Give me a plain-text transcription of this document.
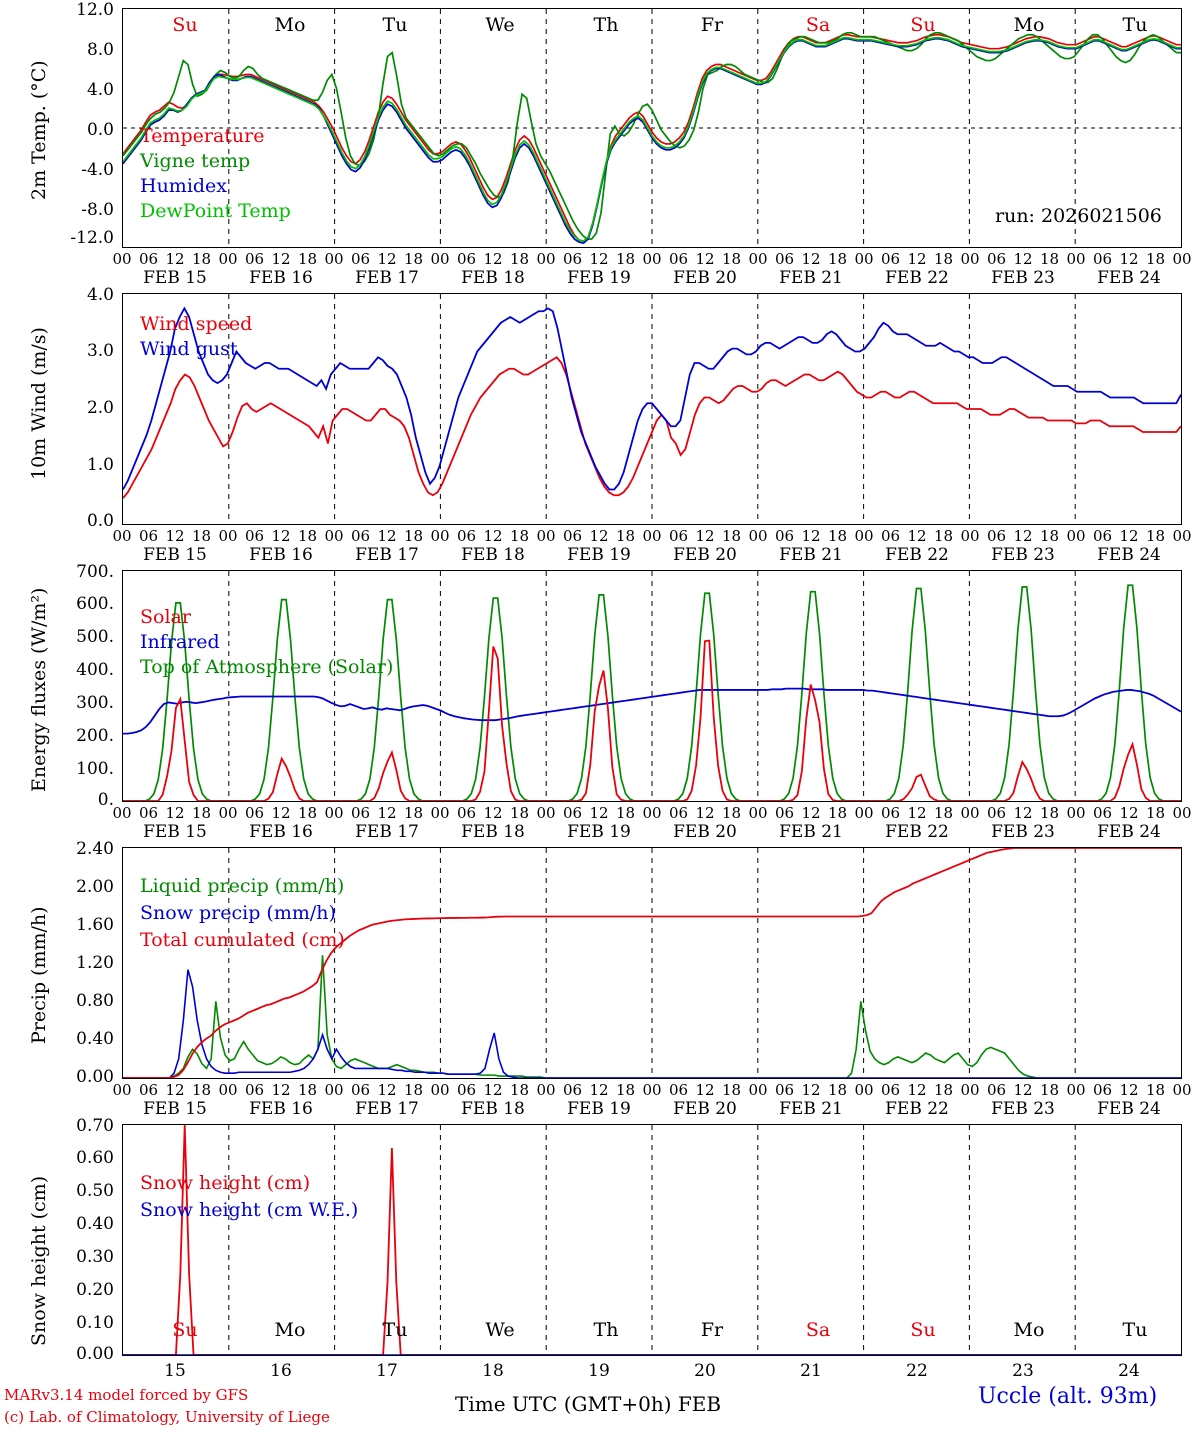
2m Temp. (°C)
12.0
8.0
4.0
0.0
-4.0
-8.0
-12.0
Temperature
Vigne temp
Humidex
DewPoint Temp	run: 2026021506
Su	Mo	Tu	We	Th	Fr	Sa	Su	Mo	Tu
00 06 12 18 00 06 12 18 00 06 12 18 00 06 12 18 00 06 12 18 00 06 12 18 00 06 12 18 00 06 12 18 00 06 12 18 00 06 12 18 00
FEB 15	FEB 16	FEB 17	FEB 18	FEB 19	FEB 20	FEB 21	FEB 22	FEB 23	FEB 24
10m Wind (m/s)
4.0
3.0
2.0
1.0
0.0
Wind speed
Wind gust
00 06 12 18 00 06 12 18 00 06 12 18 00 06 12 18 00 06 12 18 00 06 12 18 00 06 12 18 00 06 12 18 00 06 12 18 00 06 12 18 00
FEB 15	FEB 16	FEB 17	FEB 18	FEB 19	FEB 20	FEB 21	FEB 22	FEB 23	FEB 24
Energy fluxes (W/m²)
700.
600.
500.
400.
300.
200.
100.
0.
Solar
Infrared
Top of Atmosphere (Solar)
00 06 12 18 00 06 12 18 00 06 12 18 00 06 12 18 00 06 12 18 00 06 12 18 00 06 12 18 00 06 12 18 00 06 12 18 00 06 12 18 00
FEB 15	FEB 16	FEB 17	FEB 18	FEB 19	FEB 20	FEB 21	FEB 22	FEB 23	FEB 24
Precip (mm/h)
2.40
2.00
1.60
1.20
0.80
0.40
0.00
Liquid precip (mm/h)
Snow precip (mm/h)
Total cumulated (cm)
00 06 12 18 00 06 12 18 00 06 12 18 00 06 12 18 00 06 12 18 00 06 12 18 00 06 12 18 00 06 12 18 00 06 12 18 00 06 12 18 00
FEB 15	FEB 16	FEB 17	FEB 18	FEB 19	FEB 20	FEB 21	FEB 22	FEB 23	FEB 24
Snow height (cm)
0.70
0.60
0.50
0.40
0.30
0.20
0.10
0.00
Snow height (cm)
Snow height (cm W.E.)
Su	Mo	Tu	We	Th	Fr	Sa	Su	Mo	Tu
15	16	17	18	19	20	21	22	23	24
Time UTC (GMT+0h) FEB
MARv3.14 model forced by GFS
(c) Lab. of Climatology, University of Liege
Uccle (alt. 93m)
